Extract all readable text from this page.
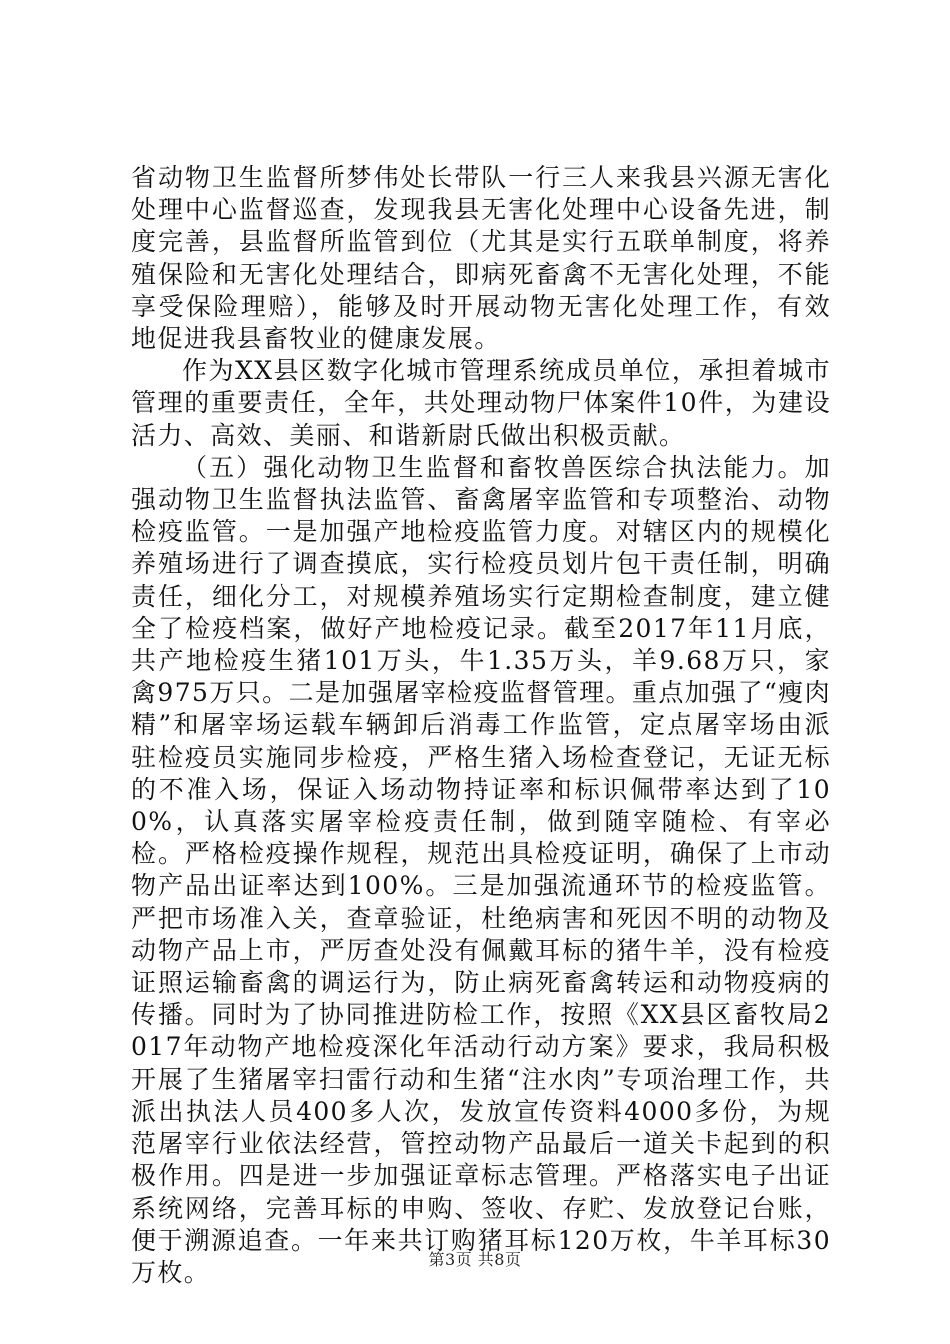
省动物卫生监督所梦伟处长带队一行三人来我县兴源无害化处理中心监督巡查，发现我县无害化处理中心设备先进，制度完善，县监督所监管到位（尤其是实行五联单制度，将养殖保险和无害化处理结合，即病死畜禽不无害化处理，不能享受保险理赔），能够及时开展动物无害化处理工作，有效地促进我县畜牧业的健康发展。

作为XX县区数字化城市管理系统成员单位，承担着城市管理的重要责任，全年，共处理动物尸体案件10件，为建设活力、高效、美丽、和谐新尉氏做出积极贡献。

（五）强化动物卫生监督和畜牧兽医综合执法能力。加强动物卫生监督执法监管、畜禽屠宰监管和专项整治、动物检疫监管。一是加强产地检疫监管力度。对辖区内的规模化养殖场进行了调查摸底，实行检疫员划片包干责任制，明确责任，细化分工，对规模养殖场实行定期检查制度，建立健全了检疫档案，做好产地检疫记录。截至2017年11月底，共产地检疫生猪101万头，牛1.35万头，羊9.68万只，家禽975万只。二是加强屠宰检疫监督管理。重点加强了“瘦肉精”和屠宰场运载车辆卸后消毒工作监管，定点屠宰场由派驻检疫员实施同步检疫，严格生猪入场检查登记，无证无标的不准入场，保证入场动物持证率和标识佩带率达到了100%，认真落实屠宰检疫责任制，做到随宰随检、有宰必检。严格检疫操作规程，规范出具检疫证明，确保了上市动物产品出证率达到100%。三是加强流通环节的检疫监管。严把市场准入关，查章验证，杜绝病害和死因不明的动物及动物产品上市，严厉查处没有佩戴耳标的猪牛羊，没有检疫证照运输畜禽的调运行为，防止病死畜禽转运和动物疫病的传播。同时为了协同推进防检工作，按照《XX县区畜牧局2017年动物产地检疫深化年活动行动方案》要求，我局积极开展了生猪屠宰扫雷行动和生猪“注水肉”专项治理工作，共派出执法人员400多人次，发放宣传资料4000多份，为规范屠宰行业依法经营，管控动物产品最后一道关卡起到的积极作用。四是进一步加强证章标志管理。严格落实电子出证系统网络，完善耳标的申购、签收、存贮、发放登记台账，便于溯源追查。一年来共订购猪耳标120万枚，牛羊耳标30万枚。	第3页 共8页
